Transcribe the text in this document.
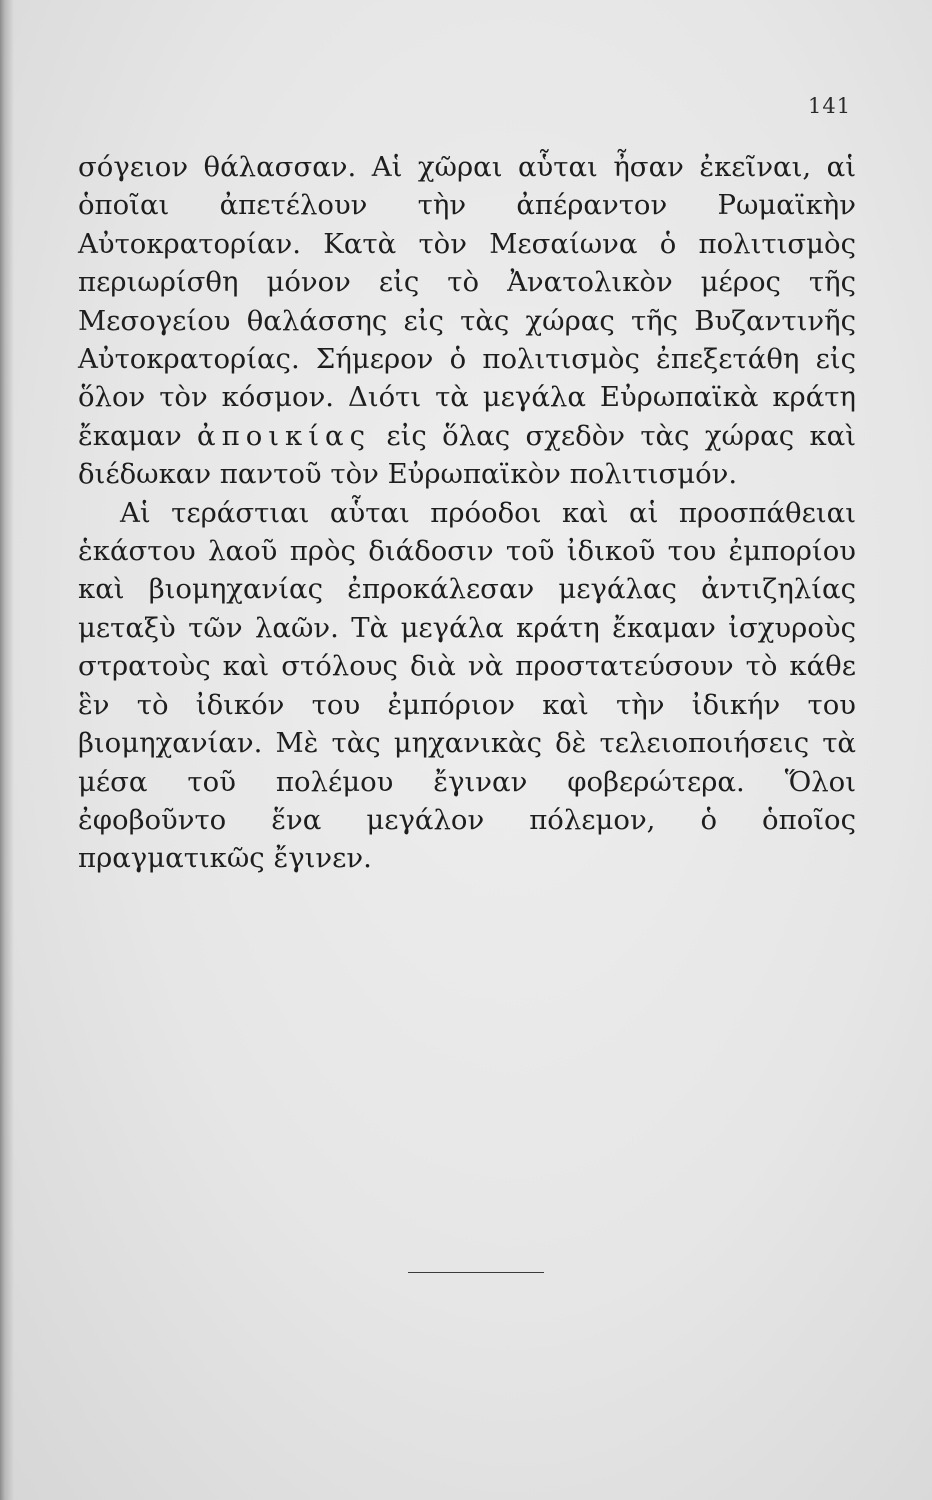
141

σόγειον θάλασσαν. Αἱ χῶραι αὗται ἦσαν ἐκεῖναι, αἱ ὁποῖαι ἀπετέλουν τὴν ἀπέραντον Ρωμαϊκὴν Αὐτοκρατορίαν. Κατὰ τὸν Μεσαίωνα ὁ πολιτισμὸς περιωρίσθη μόνον εἰς τὸ Ἀνατολικὸν μέρος τῆς Μεσογείου θαλάσσης εἰς τὰς χώρας τῆς Βυζαντινῆς Αὐτοκρατορίας. Σήμερον ὁ πολιτισμὸς ἐπεξετάθη εἰς ὅλον τὸν κόσμον. Διότι τὰ μεγάλα Εὐρωπαϊκὰ κράτη ἔκαμαν ἀποικίας εἰς ὅλας σχεδὸν τὰς χώρας καὶ διέδωκαν παντοῦ τὸν Εὐρωπαϊκὸν πολιτισμόν.

Αἱ τεράστιαι αὗται πρόοδοι καὶ αἱ προσπάθειαι ἑκάστου λαοῦ πρὸς διάδοσιν τοῦ ἰδικοῦ του ἐμπορίου καὶ βιομηχανίας ἐπροκάλεσαν μεγάλας ἀντιζηλίας μεταξὺ τῶν λαῶν. Τὰ μεγάλα κράτη ἔκαμαν ἰσχυροὺς στρατοὺς καὶ στόλους διὰ νὰ προστατεύσουν τὸ κάθε ἓν τὸ ἰδικόν του ἐμπόριον καὶ τὴν ἰδικήν του βιομηχανίαν. Μὲ τὰς μηχανικὰς δὲ τελειοποιήσεις τὰ μέσα τοῦ πολέμου ἔγιναν φοβερώτερα. Ὅλοι ἐφοβοῦντο ἕνα μεγάλον πόλεμον, ὁ ὁποῖος πραγματικῶς ἔγινεν.
